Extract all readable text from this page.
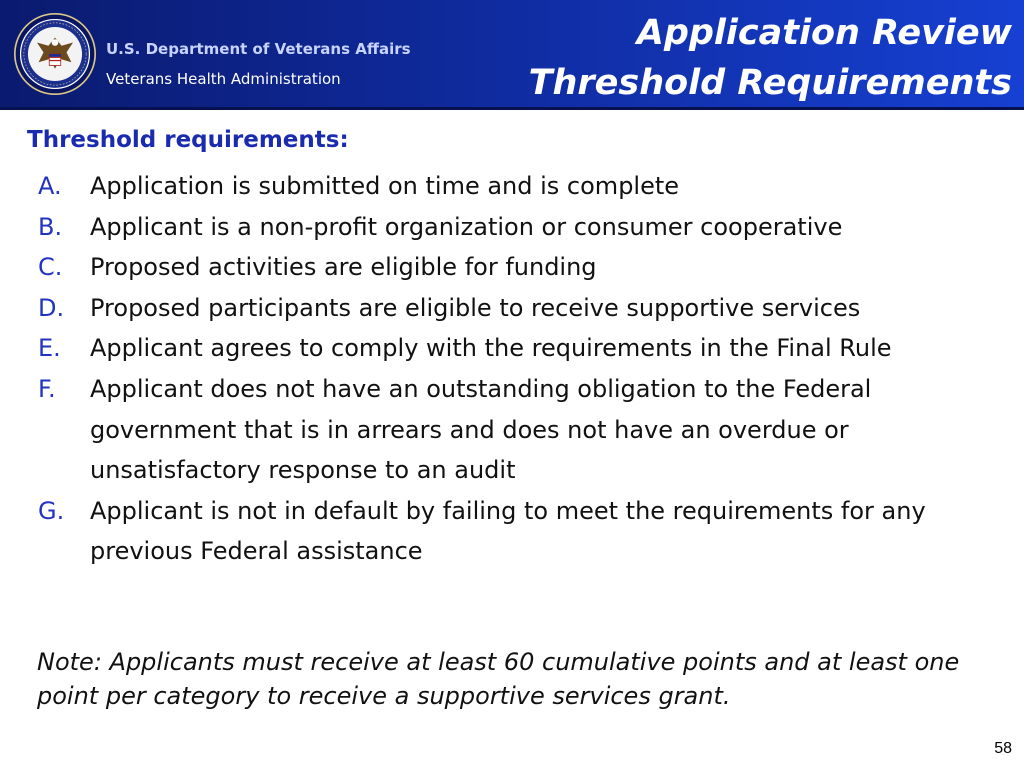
U.S. Department of Veterans Affairs
Veterans Health Administration
Application Review
Threshold Requirements
Threshold requirements:
A. Application is submitted on time and is complete
B. Applicant is a non-profit organization or consumer cooperative
C. Proposed activities are eligible for funding
D. Proposed participants are eligible to receive supportive services
E. Applicant agrees to comply with the requirements in the Final Rule
F. Applicant does not have an outstanding obligation to the Federal government that is in arrears and does not have an overdue or unsatisfactory response to an audit
G. Applicant is not in default by failing to meet the requirements for any previous Federal assistance
Note: Applicants must receive at least 60 cumulative points and at least one point per category to receive a supportive services grant.
58
